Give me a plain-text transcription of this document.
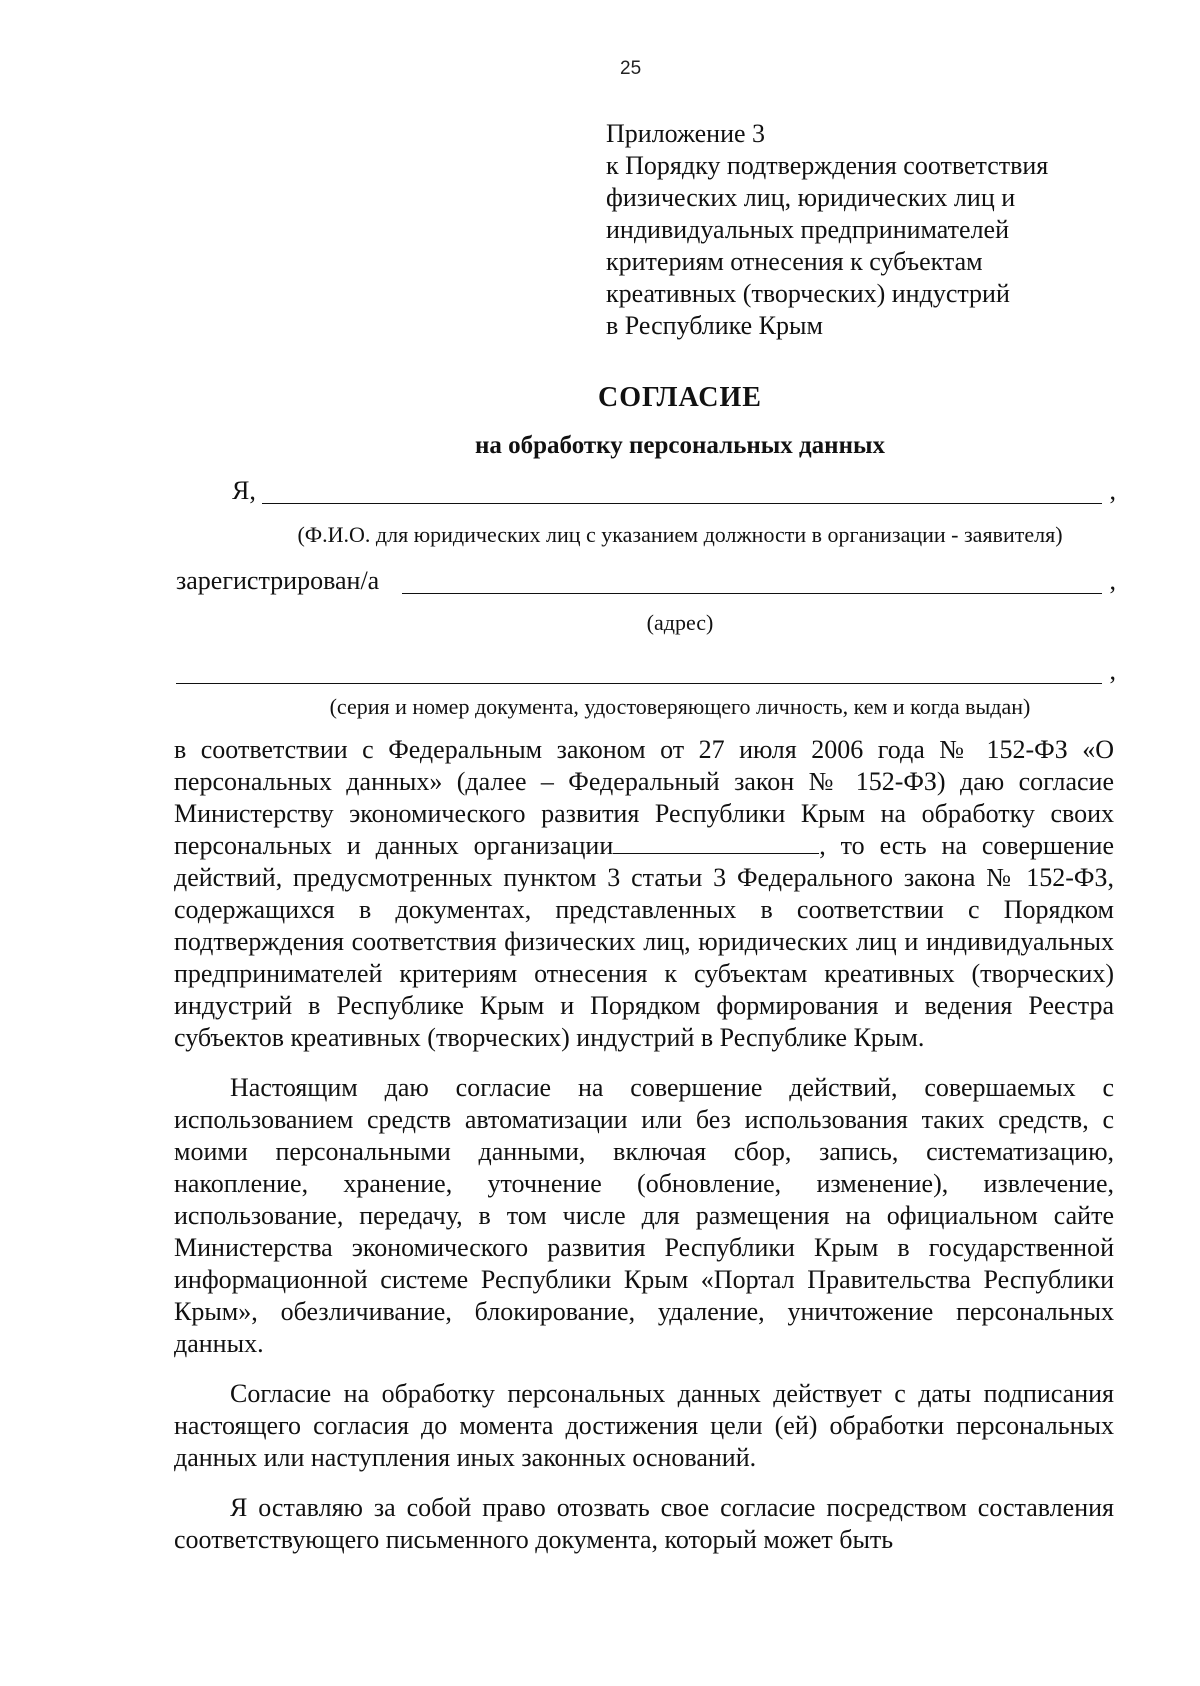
25
Приложение 3
к Порядку подтверждения соответствия
физических лиц, юридических лиц и
индивидуальных предпринимателей
критериям отнесения к субъектам
креативных (творческих) индустрий
в Республике Крым
СОГЛАСИЕ
на обработку персональных данных
Я,	,
(Ф.И.О. для юридических лиц с указанием должности в организации - заявителя)
зарегистрирован/а	,
(адрес)
,
(серия и номер документа, удостоверяющего личность, кем и когда выдан)

в соответствии с Федеральным законом от 27 июля 2006 года № 152-ФЗ «О персональных данных» (далее – Федеральный закон № 152-ФЗ) даю согласие Министерству экономического развития Республики Крым на обработку своих персональных и данных организации	, то есть на совершение действий, предусмотренных пунктом 3 статьи 3 Федерального закона № 152-ФЗ, содержащихся в документах, представленных в соответствии с Порядком подтверждения соответствия физических лиц, юридических лиц и индивидуальных предпринимателей критериям отнесения к субъектам креативных (творческих) индустрий в Республике Крым и Порядком формирования и ведения Реестра субъектов креативных (творческих) индустрий в Республике Крым.

Настоящим даю согласие на совершение действий, совершаемых с использованием средств автоматизации или без использования таких средств, с моими персональными данными, включая сбор, запись, систематизацию, накопление, хранение, уточнение (обновление, изменение), извлечение, использование, передачу, в том числе для размещения на официальном сайте Министерства экономического развития Республики Крым в государственной информационной системе Республики Крым «Портал Правительства Республики Крым», обезличивание, блокирование, удаление, уничтожение персональных данных.

Согласие на обработку персональных данных действует с даты подписания настоящего согласия до момента достижения цели (ей) обработки персональных данных или наступления иных законных оснований.

Я оставляю за собой право отозвать свое согласие посредством составления соответствующего письменного документа, который может быть
